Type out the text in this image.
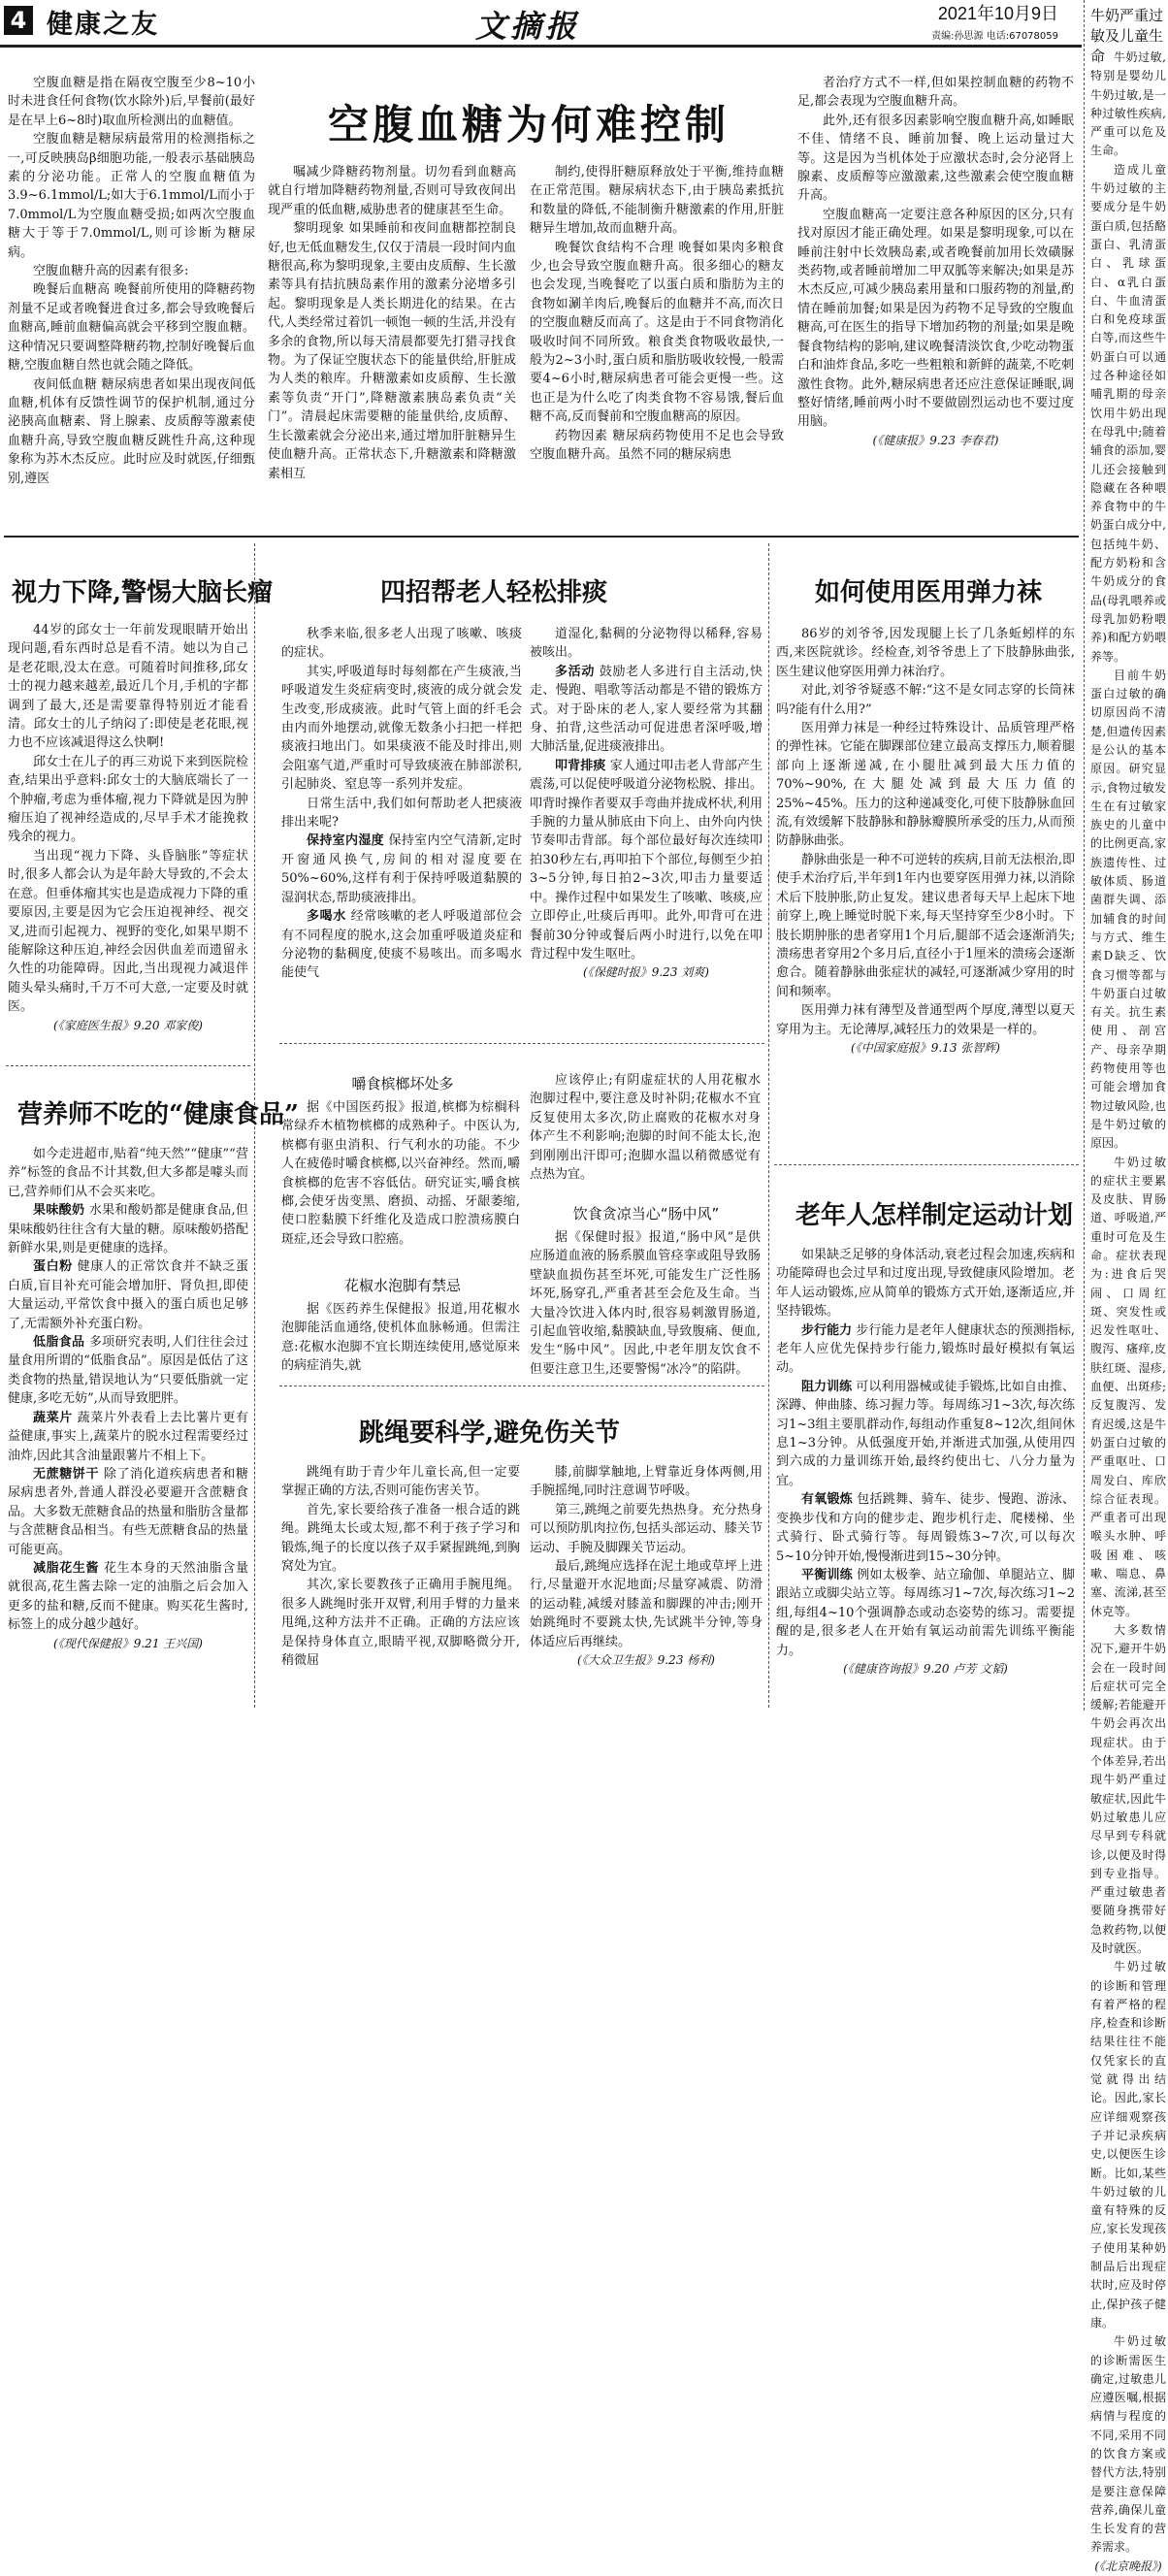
4 健康之友	文摘报	2021年10月9日
责编:孙思源 电话:67078059
空腹血糖为何难控制

空腹血糖是指在隔夜空腹至少8~10小时未进食任何食物(饮水除外)后,早餐前(最好是在早上6~8时)取血所检测出的血糖值。

空腹血糖是糖尿病最常用的检测指标之一,可反映胰岛β细胞功能,一般表示基础胰岛素的分泌功能。正常人的空腹血糖值为3.9~6.1mmol/L;如大于6.1mmol/L而小于7.0mmol/L为空腹血糖受损;如两次空腹血糖大于等于7.0mmol/L,则可诊断为糖尿病。

空腹血糖升高的因素有很多:

晚餐后血糖高 晚餐前所使用的降糖药物剂量不足或者晚餐进食过多,都会导致晚餐后血糖高,睡前血糖偏高就会平移到空腹血糖。这种情况只要调整降糖药物,控制好晚餐后血糖,空腹血糖自然也就会随之降低。

夜间低血糖 糖尿病患者如果出现夜间低血糖,机体有反馈性调节的保护机制,通过分泌胰高血糖素、肾上腺素、皮质醇等激素使血糖升高,导致空腹血糖反跳性升高,这种现象称为苏木杰反应。此时应及时就医,仔细甄别,遵医

嘱减少降糖药物剂量。切勿看到血糖高就自行增加降糖药物剂量,否则可导致夜间出现严重的低血糖,威胁患者的健康甚至生命。

黎明现象 如果睡前和夜间血糖都控制良好,也无低血糖发生,仅仅于清晨一段时间内血糖很高,称为黎明现象,主要由皮质醇、生长激素等具有拮抗胰岛素作用的激素分泌增多引起。黎明现象是人类长期进化的结果。在古代,人类经常过着饥一顿饱一顿的生活,并没有多余的食物,所以每天清晨都要先打猎寻找食物。为了保证空腹状态下的能量供给,肝脏成为人类的粮库。升糖激素如皮质醇、生长激素等负责“开门”,降糖激素胰岛素负责“关门”。清晨起床需要糖的能量供给,皮质醇、生长激素就会分泌出来,通过增加肝脏糖异生使血糖升高。正常状态下,升糖激素和降糖激素相互

制约,使得肝糖原释放处于平衡,维持血糖在正常范围。糖尿病状态下,由于胰岛素抵抗和数量的降低,不能制衡升糖激素的作用,肝脏糖异生增加,故而血糖升高。

晚餐饮食结构不合理 晚餐如果肉多粮食少,也会导致空腹血糖升高。很多细心的糖友也会发现,当晚餐吃了以蛋白质和脂肪为主的食物如涮羊肉后,晚餐后的血糖并不高,而次日的空腹血糖反而高了。这是由于不同食物消化吸收时间不同所致。粮食类食物吸收最快,一般为2~3小时,蛋白质和脂肪吸收较慢,一般需要4~6小时,糖尿病患者可能会更慢一些。这也正是为什么吃了肉类食物不容易饿,餐后血糖不高,反而餐前和空腹血糖高的原因。

药物因素 糖尿病药物使用不足也会导致空腹血糖升高。虽然不同的糖尿病患

者治疗方式不一样,但如果控制血糖的药物不足,都会表现为空腹血糖升高。

此外,还有很多因素影响空腹血糖升高,如睡眠不佳、情绪不良、睡前加餐、晚上运动量过大等。这是因为当机体处于应激状态时,会分泌肾上腺素、皮质醇等应激激素,这些激素会使空腹血糖升高。

空腹血糖高一定要注意各种原因的区分,只有找对原因才能正确处理。如果是黎明现象,可以在睡前注射中长效胰岛素,或者晚餐前加用长效磺脲类药物,或者睡前增加二甲双胍等来解决;如果是苏木杰反应,可减少胰岛素用量和口服药物的剂量,酌情在睡前加餐;如果是因为药物不足导致的空腹血糖高,可在医生的指导下增加药物的剂量;如果是晚餐食物结构的影响,建议晚餐清淡饮食,少吃动物蛋白和油炸食品,多吃一些粗粮和新鲜的蔬菜,不吃刺激性食物。此外,糖尿病患者还应注意保证睡眠,调整好情绪,睡前两小时不要做剧烈运动也不要过度用脑。

(《健康报》9.23 李春君)

视力下降,警惕大脑长瘤

44岁的邱女士一年前发现眼睛开始出现问题,看东西时总是看不清。她以为自己是老花眼,没太在意。可随着时间推移,邱女士的视力越来越差,最近几个月,手机的字都调到了最大,还是需要靠得特别近才能看清。邱女士的儿子纳闷了:即使是老花眼,视力也不应该减退得这么快啊!

邱女士在儿子的再三劝说下来到医院检查,结果出乎意料:邱女士的大脑底端长了一个肿瘤,考虑为垂体瘤,视力下降就是因为肿瘤压迫了视神经造成的,尽早手术才能挽救残余的视力。

当出现“视力下降、头昏脑胀”等症状时,很多人都会认为是年龄大导致的,不会太在意。但垂体瘤其实也是造成视力下降的重要原因,主要是因为它会压迫视神经、视交叉,进而引起视力、视野的变化,如果早期不能解除这种压迫,神经会因供血差而遗留永久性的功能障碍。因此,当出现视力减退伴随头晕头痛时,千万不可大意,一定要及时就医。

(《家庭医生报》9.20 邓家俊)

营养师不吃的“健康食品”

如今走进超市,贴着“纯天然”“健康”“营养”标签的食品不计其数,但大多都是噱头而已,营养师们从不会买来吃。

果味酸奶 水果和酸奶都是健康食品,但果味酸奶往往含有大量的糖。原味酸奶搭配新鲜水果,则是更健康的选择。

蛋白粉 健康人的正常饮食并不缺乏蛋白质,盲目补充可能会增加肝、肾负担,即使大量运动,平常饮食中摄入的蛋白质也足够了,无需额外补充蛋白粉。

低脂食品 多项研究表明,人们往往会过量食用所谓的“低脂食品”。原因是低估了这类食物的热量,错误地认为“只要低脂就一定健康,多吃无妨”,从而导致肥胖。

蔬菜片 蔬菜片外表看上去比薯片更有益健康,事实上,蔬菜片的脱水过程需要经过油炸,因此其含油量跟薯片不相上下。

无蔗糖饼干 除了消化道疾病患者和糖尿病患者外,普通人群没必要避开含蔗糖食品。大多数无蔗糖食品的热量和脂肪含量都与含蔗糖食品相当。有些无蔗糖食品的热量可能更高。

减脂花生酱 花生本身的天然油脂含量就很高,花生酱去除一定的油脂之后会加入更多的盐和糖,反而不健康。购买花生酱时,标签上的成分越少越好。

(《现代保健报》9.21 王兴国)

四招帮老人轻松排痰

秋季来临,很多老人出现了咳嗽、咳痰的症状。

其实,呼吸道每时每刻都在产生痰液,当呼吸道发生炎症病变时,痰液的成分就会发生改变,形成痰液。此时气管上面的纤毛会由内而外地摆动,就像无数条小扫把一样把痰液扫地出门。如果痰液不能及时排出,则会阻塞气道,严重时可导致痰液在肺部淤积,引起肺炎、窒息等一系列并发症。

日常生活中,我们如何帮助老人把痰液排出来呢?

保持室内湿度 保持室内空气清新,定时开窗通风换气,房间的相对湿度要在50%~60%,这样有利于保持呼吸道黏膜的湿润状态,帮助痰液排出。

多喝水 经常咳嗽的老人呼吸道部位会有不同程度的脱水,这会加重呼吸道炎症和分泌物的黏稠度,使痰不易咳出。而多喝水能使气

道湿化,黏稠的分泌物得以稀释,容易被咳出。

多活动 鼓励老人多进行自主活动,快走、慢跑、唱歌等活动都是不错的锻炼方式。对于卧床的老人,家人要经常为其翻身、拍背,这些活动可促进患者深呼吸,增大肺活量,促进痰液排出。

叩背排痰 家人通过叩击老人背部产生震荡,可以促使呼吸道分泌物松脱、排出。叩背时操作者要双手弯曲并拢成杯状,利用手腕的力量从肺底由下向上、由外向内快节奏叩击背部。每个部位最好每次连续叩拍30秒左右,再叩拍下个部位,每侧至少拍3~5分钟,每日拍2~3次,叩击力量要适中。操作过程中如果发生了咳嗽、咳痰,应立即停止,吐痰后再叩。此外,叩背可在进餐前30分钟或餐后两小时进行,以免在叩背过程中发生呕吐。

(《保健时报》9.23 刘爽)

嚼食槟榔坏处多

据《中国医药报》报道,槟榔为棕榈科常绿乔木植物槟榔的成熟种子。中医认为,槟榔有驱虫消积、行气利水的功能。不少人在疲倦时嚼食槟榔,以兴奋神经。然而,嚼食槟榔的危害不容低估。研究证实,嚼食槟榔,会使牙齿变黑、磨损、动摇、牙龈萎缩,使口腔黏膜下纤维化及造成口腔溃疡膜白斑症,还会导致口腔癌。

花椒水泡脚有禁忌

据《医药养生保健报》报道,用花椒水泡脚能活血通络,使机体血脉畅通。但需注意:花椒水泡脚不宜长期连续使用,感觉原来的病症消失,就

应该停止;有阴虚症状的人用花椒水泡脚过程中,要注意及时补阴;花椒水不宜反复使用太多次,防止腐败的花椒水对身体产生不利影响;泡脚的时间不能太长,泡到刚刚出汗即可;泡脚水温以稍微感觉有点热为宜。

饮食贪凉当心“肠中风”

据《保健时报》报道,“肠中风”是供应肠道血液的肠系膜血管痉挛或阻导致肠壁缺血损伤甚至坏死,可能发生广泛性肠坏死,肠穿孔,严重者甚至会危及生命。当大量冷饮进入体内时,很容易刺激胃肠道,引起血管收缩,黏膜缺血,导致腹痛、便血,发生“肠中风”。因此,中老年朋友饮食不但要注意卫生,还要警惕“冰冷”的陷阱。

跳绳要科学,避免伤关节

跳绳有助于青少年儿童长高,但一定要掌握正确的方法,否则可能伤害关节。

首先,家长要给孩子准备一根合适的跳绳。跳绳太长或太短,都不利于孩子学习和锻炼,绳子的长度以孩子双手紧握跳绳,到胸窝处为宜。

其次,家长要教孩子正确用手腕甩绳。很多人跳绳时张开双臂,利用手臂的力量来甩绳,这种方法并不正确。正确的方法应该是保持身体直立,眼睛平视,双脚略微分开,稍微屈

膝,前脚掌触地,上臂靠近身体两侧,用手腕摇绳,同时注意调节呼吸。

第三,跳绳之前要先热热身。充分热身可以预防肌肉拉伤,包括头部运动、膝关节运动、手腕及脚踝关节运动。

最后,跳绳应选择在泥土地或草坪上进行,尽量避开水泥地面;尽量穿减震、防滑的运动鞋,减缓对膝盖和脚踝的冲击;刚开始跳绳时不要跳太快,先试跳半分钟,等身体适应后再继续。

(《大众卫生报》9.23 杨利)

如何使用医用弹力袜

86岁的刘爷爷,因发现腿上长了几条蚯蚓样的东西,来医院就诊。经检查,刘爷爷患上了下肢静脉曲张,医生建议他穿医用弹力袜治疗。

对此,刘爷爷疑惑不解:“这不是女同志穿的长筒袜吗?能有什么用?”

医用弹力袜是一种经过特殊设计、品质管理严格的弹性袜。它能在脚踝部位建立最高支撑压力,顺着腿部向上逐渐递减,在小腿肚减到最大压力值的70%~90%,在大腿处减到最大压力值的25%~45%。压力的这种递减变化,可使下肢静脉血回流,有效缓解下肢静脉和静脉瓣膜所承受的压力,从而预防静脉曲张。

静脉曲张是一种不可逆转的疾病,目前无法根治,即使手术治疗后,半年到1年内也要穿医用弹力袜,以消除术后下肢肿胀,防止复发。建议患者每天早上起床下地前穿上,晚上睡觉时脱下来,每天坚持穿至少8小时。下肢长期肿胀的患者穿用1个月后,腿部不适会逐渐消失;溃疡患者穿用2个多月后,直径小于1厘米的溃疡会逐渐愈合。随着静脉曲张症状的减轻,可逐渐减少穿用的时间和频率。

医用弹力袜有薄型及普通型两个厚度,薄型以夏天穿用为主。无论薄厚,减轻压力的效果是一样的。

(《中国家庭报》9.13 张智辉)

老年人怎样制定运动计划

如果缺乏足够的身体活动,衰老过程会加速,疾病和功能障碍也会过早和过度出现,导致健康风险增加。老年人运动锻炼,应从简单的锻炼方式开始,逐渐适应,并坚持锻炼。

步行能力 步行能力是老年人健康状态的预测指标,老年人应优先保持步行能力,锻炼时最好模拟有氧运动。

阻力训练 可以利用器械或徒手锻炼,比如自由推、深蹲、伸曲膝、练习握力等。每周练习1~3次,每次练习1~3组主要肌群动作,每组动作重复8~12次,组间休息1~3分钟。从低强度开始,并渐进式加强,从使用四到六成的力量训练开始,最终约使出七、八分力量为宜。

有氧锻炼 包括跳舞、骑车、徒步、慢跑、游泳、变换步伐和方向的健步走、跑步机行走、爬楼梯、坐式骑行、卧式骑行等。每周锻炼3~7次,可以每次5~10分钟开始,慢慢渐进到15~30分钟。

平衡训练 例如太极拳、站立瑜伽、单腿站立、脚跟站立或脚尖站立等。每周练习1~7次,每次练习1~2组,每组4~10个强调静态或动态姿势的练习。需要提醒的是,很多老人在开始有氧运动前需先训练平衡能力。

(《健康咨询报》9.20 卢芳 文韬)

牛奶严重过敏及儿童生命 牛奶过敏,特别是婴幼儿牛奶过敏,是一种过敏性疾病,严重可以危及生命。

造成儿童牛奶过敏的主要成分是牛奶蛋白质,包括酪蛋白、乳清蛋白、乳球蛋白、α乳白蛋白、牛血清蛋白和免疫球蛋白等,而这些牛奶蛋白可以通过各种途径如哺乳期的母亲饮用牛奶出现在母乳中;随着辅食的添加,婴儿还会接触到隐藏在各种喂养食物中的牛奶蛋白成分中,包括纯牛奶、配方奶粉和含牛奶成分的食品(母乳喂养或母乳加奶粉喂养)和配方奶喂养等。

目前牛奶蛋白过敏的确切原因尚不清楚,但遗传因素是公认的基本原因。研究显示,食物过敏发生在有过敏家族史的儿童中的比例更高,家族遗传性、过敏体质、肠道菌群失调、添加辅食的时间与方式、维生素D缺乏、饮食习惯等都与牛奶蛋白过敏有关。抗生素使用、剖宫产、母亲孕期药物使用等也可能会增加食物过敏风险,也是牛奶过敏的原因。

牛奶过敏的症状主要累及皮肤、胃肠道、呼吸道,严重时可危及生命。症状表现为:进食后哭闹、口周红斑、突发性或迟发性呕吐、腹泻、瘙痒,皮肤红斑、湿疹,血便、出斑疹;反复腹泻、发育迟缓,这是牛奶蛋白过敏的严重呕吐、口周发白、库欣综合征表现。严重者可出现喉头水肿、呼吸困难、咳嗽、喘息、鼻塞、流涕,甚至休克等。

大多数情况下,避开牛奶会在一段时间后症状可完全缓解;若能避开牛奶会再次出现症状。由于个体差异,若出现牛奶严重过敏症状,因此牛奶过敏患儿应尽早到专科就诊,以便及时得到专业指导。严重过敏患者要随身携带好急救药物,以便及时就医。

牛奶过敏的诊断和管理有着严格的程序,检查和诊断结果往往不能仅凭家长的直觉就得出结论。因此,家长应详细观察孩子并记录疾病史,以便医生诊断。比如,某些牛奶过敏的儿童有特殊的反应,家长发现孩子使用某种奶制品后出现症状时,应及时停止,保护孩子健康。

牛奶过敏的诊断需医生确定,过敏患儿应遵医嘱,根据病情与程度的不同,采用不同的饮食方案或替代方法,特别是要注意保障营养,确保儿童生长发育的营养需求。

(《北京晚报》)
